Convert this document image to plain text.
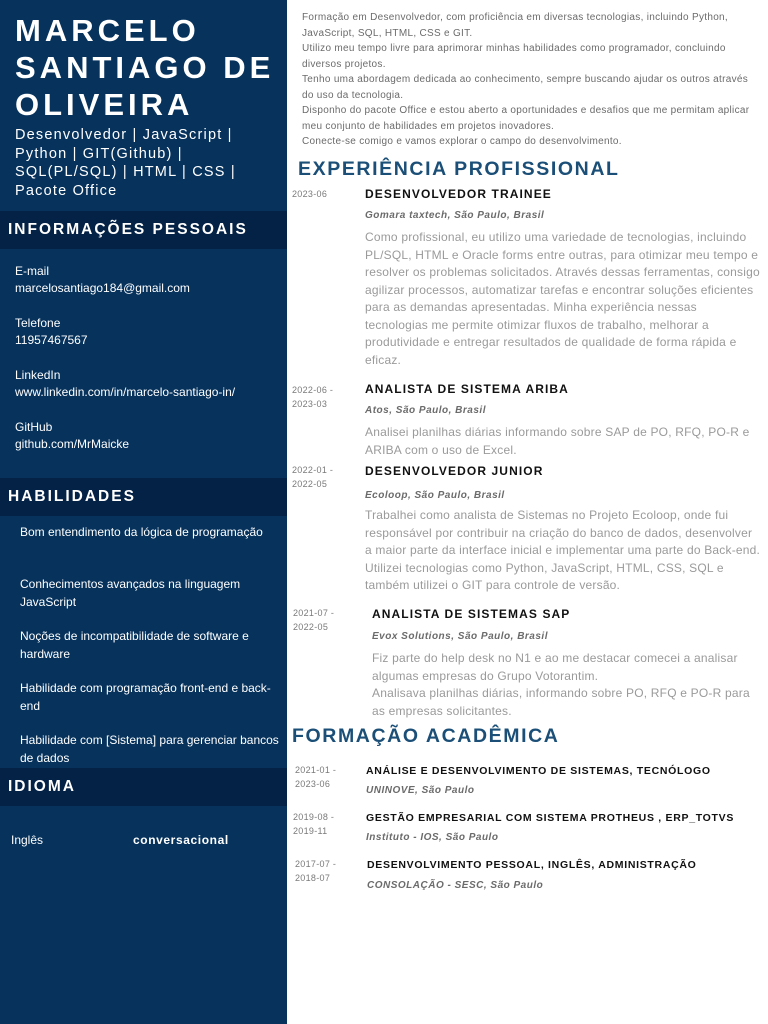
MARCELO SANTIAGO DE OLIVEIRA
Desenvolvedor | JavaScript | Python | GIT(Github) | SQL(PL/SQL) | HTML | CSS | Pacote Office
INFORMAÇÕES PESSOAIS
E-mail
marcelosantiago184@gmail.com
Telefone
11957467567
LinkedIn
www.linkedin.com/in/marcelo-santiago-in/
GitHub
github.com/MrMaicke
HABILIDADES
Bom entendimento da lógica de programação
Conhecimentos avançados na linguagem JavaScript
Noções de incompatibilidade de software e hardware
Habilidade com programação front-end e back-end
Habilidade com [Sistema] para gerenciar bancos de dados
IDIOMA
Inglês	conversacional
Formação em Desenvolvedor, com proficiência em diversas tecnologias, incluindo Python, JavaScript, SQL, HTML, CSS e GIT.
Utilizo meu tempo livre para aprimorar minhas habilidades como programador, concluindo diversos projetos.
Tenho uma abordagem dedicada ao conhecimento, sempre buscando ajudar os outros através do uso da tecnologia.
Disponho do pacote Office e estou aberto a oportunidades e desafios que me permitam aplicar meu conjunto de habilidades em projetos inovadores.
Conecte-se comigo e vamos explorar o campo do desenvolvimento.
EXPERIÊNCIA PROFISSIONAL
2023-06	DESENVOLVEDOR TRAINEE
Gomara taxtech, São Paulo, Brasil
Como profissional, eu utilizo uma variedade de tecnologias, incluindo PL/SQL, HTML e Oracle forms entre outras, para otimizar meu tempo e resolver os problemas solicitados. Através dessas ferramentas, consigo agilizar processos, automatizar tarefas e encontrar soluções eficientes para as demandas apresentadas. Minha experiência nessas tecnologias me permite otimizar fluxos de trabalho, melhorar a produtividade e entregar resultados de qualidade de forma rápida e eficaz.
2022-06 - 2023-03
ANALISTA DE SISTEMA ARIBA
Atos, São Paulo, Brasil
Analisei planilhas diárias informando sobre SAP de PO, RFQ, PO-R e ARIBA com o uso de Excel.
2022-01 - 2022-05
DESENVOLVEDOR JUNIOR
Ecoloop, São Paulo, Brasil
Trabalhei como analista de Sistemas no Projeto Ecoloop, onde fui responsável por contribuir na criação do banco de dados, desenvolver a maior parte da interface inicial e implementar uma parte do Back-end. Utilizei tecnologias como Python, JavaScript, HTML, CSS, SQL e também utilizei o GIT para controle de versão.
2021-07 - 2022-05
ANALISTA DE SISTEMAS SAP
Evox Solutions, São Paulo, Brasil
Fiz parte do help desk no N1 e ao me destacar comecei a analisar algumas empresas do Grupo Votorantim.
Analisava planilhas diárias, informando sobre PO, RFQ e PO-R para as empresas solicitantes.
FORMAÇÃO ACADÊMICA
2021-01 - 2023-06
ANÁLISE E DESENVOLVIMENTO DE SISTEMAS, TECNÓLOGO
UNINOVE, São Paulo
2019-08 - 2019-11
GESTÃO EMPRESARIAL COM SISTEMA PROTHEUS , ERP_TOTVS
Instituto - IOS, São Paulo
2017-07 - 2018-07
DESENVOLVIMENTO PESSOAL, INGLÊS, ADMINISTRAÇÃO
CONSOLAÇÃO - SESC, São Paulo
